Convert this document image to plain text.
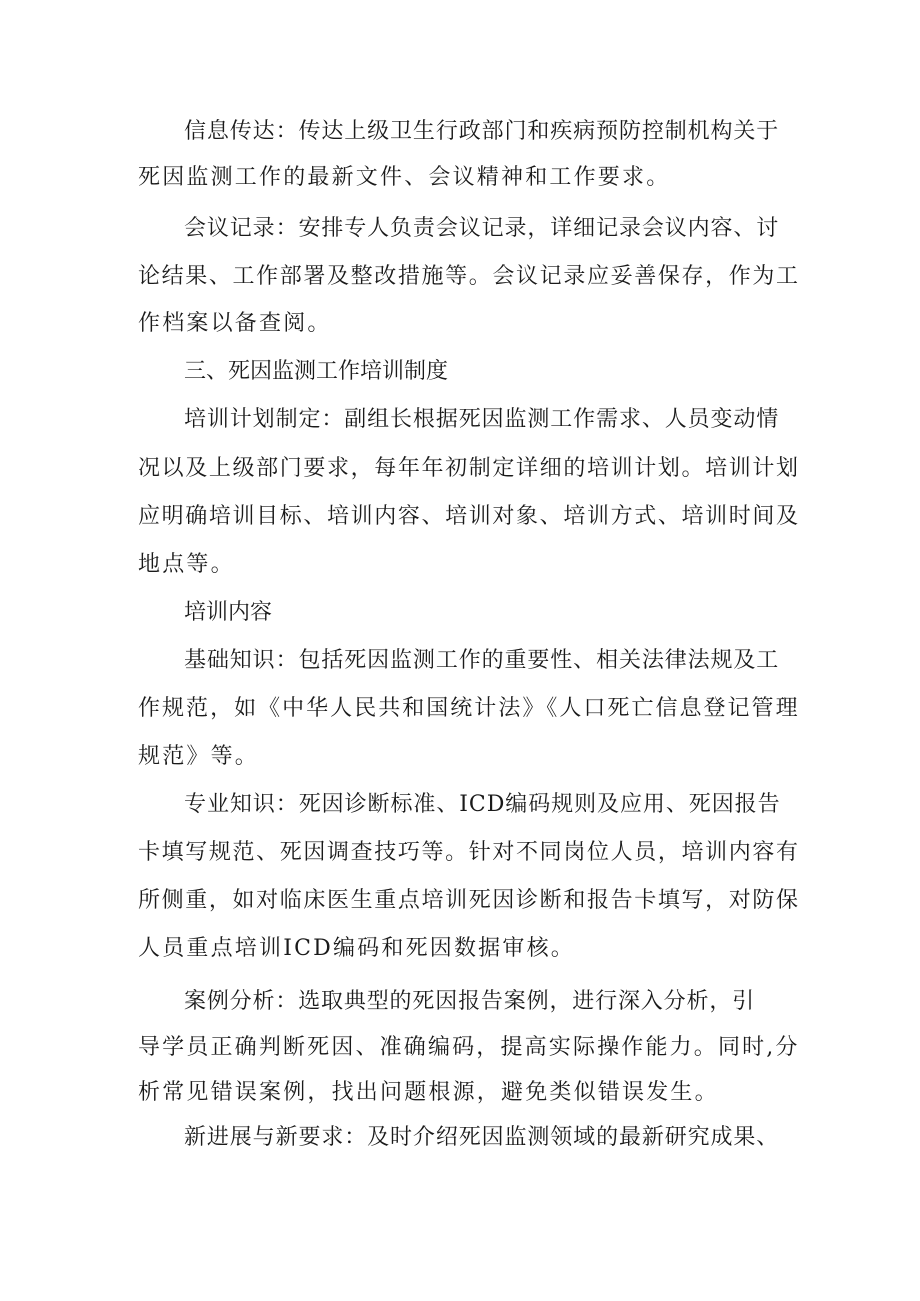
信息传达：传达上级卫生行政部门和疾病预防控制机构关于
死因监测工作的最新文件、会议精神和工作要求。
会议记录：安排专人负责会议记录，详细记录会议内容、讨
论结果、工作部署及整改措施等。会议记录应妥善保存，作为工
作档案以备查阅。
三、死因监测工作培训制度
培训计划制定：副组长根据死因监测工作需求、人员变动情
况以及上级部门要求，每年年初制定详细的培训计划。培训计划
应明确培训目标、培训内容、培训对象、培训方式、培训时间及
地点等。
培训内容
基础知识：包括死因监测工作的重要性、相关法律法规及工
作规范，如《中华人民共和国统计法》《人口死亡信息登记管理
规范》等。
专业知识：死因诊断标准、ICD编码规则及应用、死因报告
卡填写规范、死因调查技巧等。针对不同岗位人员，培训内容有
所侧重，如对临床医生重点培训死因诊断和报告卡填写，对防保
人员重点培训ICD编码和死因数据审核。
案例分析：选取典型的死因报告案例，进行深入分析，引
导学员正确判断死因、准确编码，提高实际操作能力。同时,分
析常见错误案例，找出问题根源，避免类似错误发生。
新进展与新要求：及时介绍死因监测领域的最新研究成果、
